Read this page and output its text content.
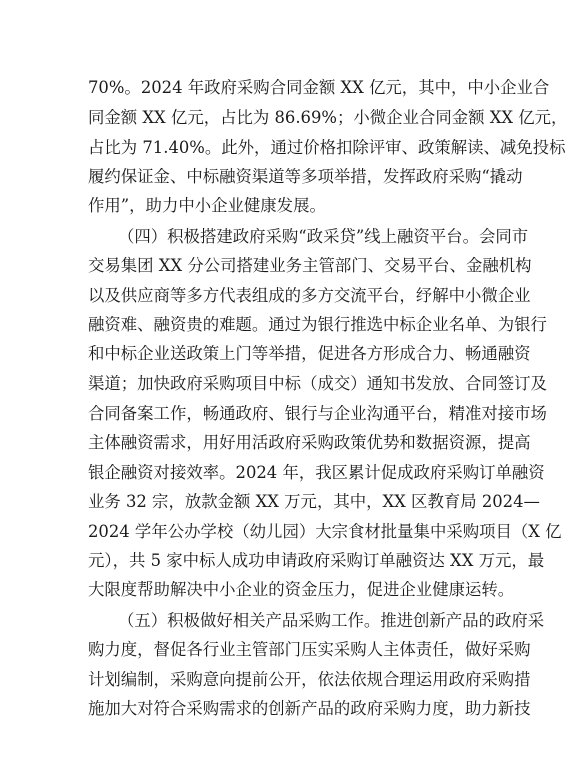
70%。2024 年政府采购合同金额 XX 亿元，其中，中小企业合
同金额 XX 亿元，占比为 86.69%；小微企业合同金额 XX 亿元，
占比为 71.40%。此外，通过价格扣除评审、政策解读、减免投标
履约保证金、中标融资渠道等多项举措，发挥政府采购“撬动
作用”，助力中小企业健康发展。
（四）积极搭建政府采购“政采贷”线上融资平台。会同市
交易集团 XX 分公司搭建业务主管部门、交易平台、金融机构
以及供应商等多方代表组成的多方交流平台，纾解中小微企业
融资难、融资贵的难题。通过为银行推选中标企业名单、为银行
和中标企业送政策上门等举措，促进各方形成合力、畅通融资
渠道；加快政府采购项目中标（成交）通知书发放、合同签订及
合同备案工作，畅通政府、银行与企业沟通平台，精准对接市场
主体融资需求，用好用活政府采购政策优势和数据资源，提高
银企融资对接效率。2024 年，我区累计促成政府采购订单融资
业务 32 宗，放款金额 XX 万元，其中，XX 区教育局 2024—
2024 学年公办学校（幼儿园）大宗食材批量集中采购项目（X 亿
元），共 5 家中标人成功申请政府采购订单融资达 XX 万元，最
大限度帮助解决中小企业的资金压力，促进企业健康运转。
（五）积极做好相关产品采购工作。推进创新产品的政府采
购力度，督促各行业主管部门压实采购人主体责任，做好采购
计划编制，采购意向提前公开，依法依规合理运用政府采购措
施加大对符合采购需求的创新产品的政府采购力度，助力新技
